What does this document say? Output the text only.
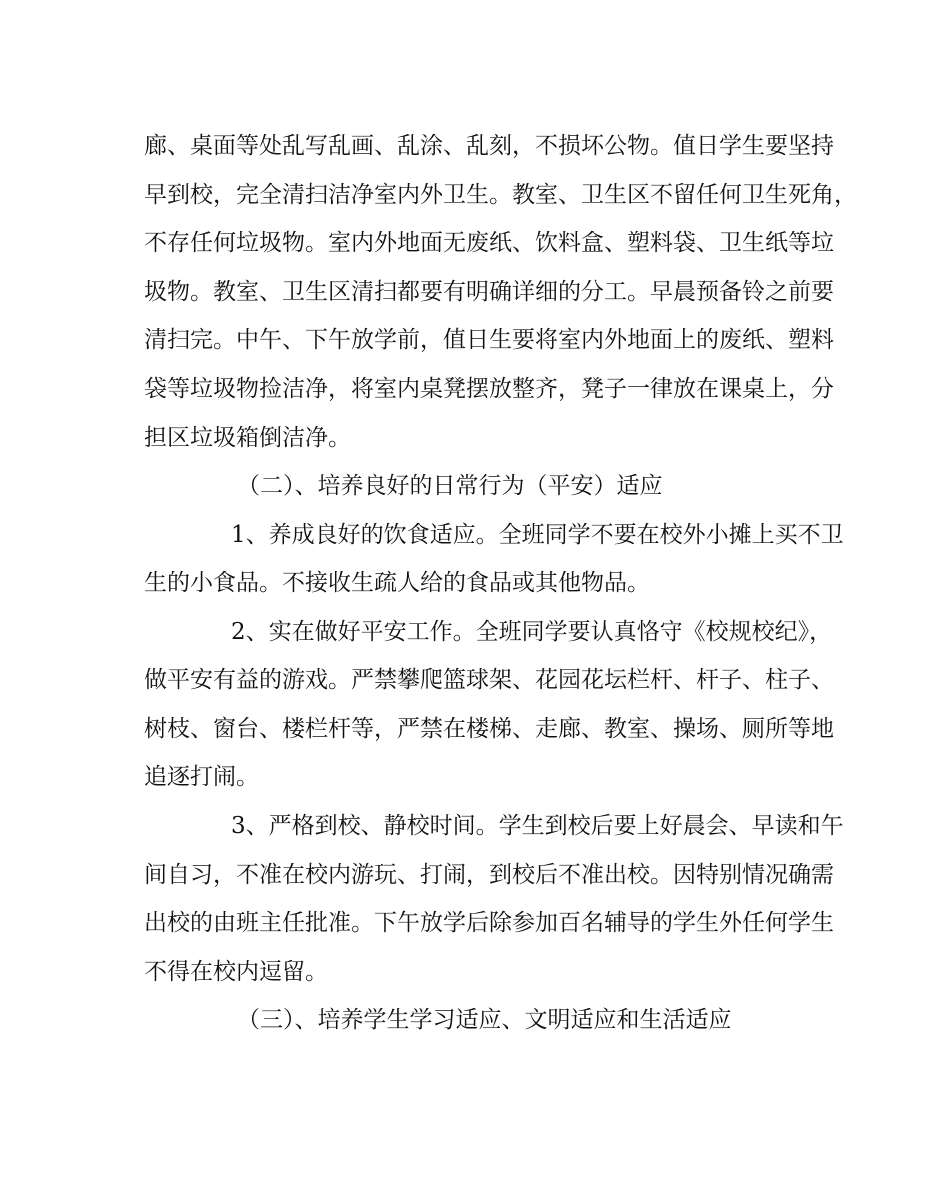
廊、桌面等处乱写乱画、乱涂、乱刻，不损坏公物。值日学生要坚持
早到校，完全清扫洁净室内外卫生。教室、卫生区不留任何卫生死角，
不存任何垃圾物。室内外地面无废纸、饮料盒、塑料袋、卫生纸等垃
圾物。教室、卫生区清扫都要有明确详细的分工。早晨预备铃之前要
清扫完。中午、下午放学前，值日生要将室内外地面上的废纸、塑料
袋等垃圾物捡洁净，将室内桌凳摆放整齐，凳子一律放在课桌上，分
担区垃圾箱倒洁净。
（二）、培养良好的日常行为（平安）适应
1、养成良好的饮食适应。全班同学不要在校外小摊上买不卫
生的小食品。不接收生疏人给的食品或其他物品。
2、实在做好平安工作。全班同学要认真恪守《校规校纪》，
做平安有益的游戏。严禁攀爬篮球架、花园花坛栏杆、杆子、柱子、
树枝、窗台、楼栏杆等，严禁在楼梯、走廊、教室、操场、厕所等地
追逐打闹。
3、严格到校、静校时间。学生到校后要上好晨会、早读和午
间自习，不准在校内游玩、打闹，到校后不准出校。因特别情况确需
出校的由班主任批准。下午放学后除参加百名辅导的学生外任何学生
不得在校内逗留。
（三）、培养学生学习适应、文明适应和生活适应
